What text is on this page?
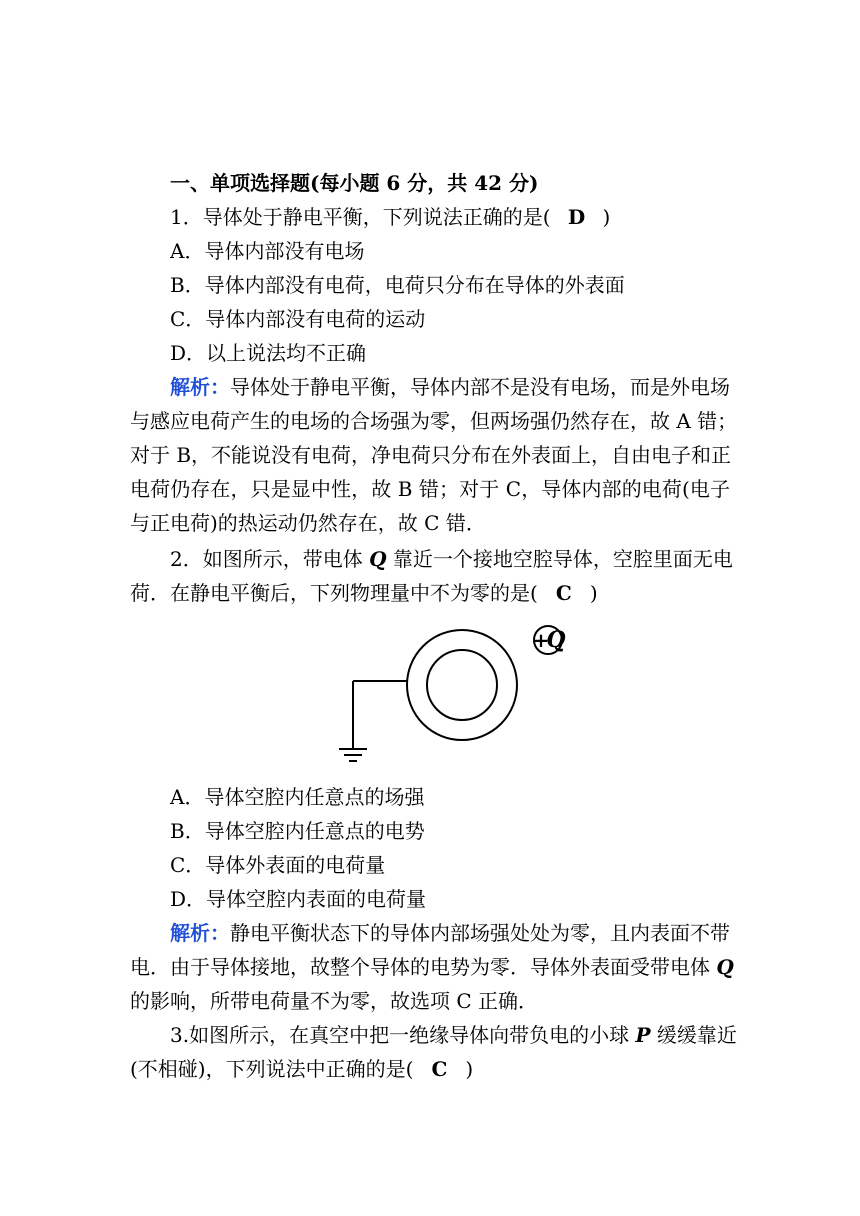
一、单项选择题(每小题 6 分，共 42 分)
1．导体处于静电平衡，下列说法正确的是( D )
A．导体内部没有电场
B．导体内部没有电荷，电荷只分布在导体的外表面
C．导体内部没有电荷的运动
D．以上说法均不正确
解析：导体处于静电平衡，导体内部不是没有电场，而是外电场
与感应电荷产生的电场的合场强为零，但两场强仍然存在，故 A 错；
对于 B，不能说没有电荷，净电荷只分布在外表面上，自由电子和正
电荷仍存在，只是显中性，故 B 错；对于 C，导体内部的电荷(电子
与正电荷)的热运动仍然存在，故 C 错．
2．如图所示，带电体 Q 靠近一个接地空腔导体，空腔里面无电
荷．在静电平衡后，下列物理量中不为零的是( C )
+
Q
A．导体空腔内任意点的场强
B．导体空腔内任意点的电势
C．导体外表面的电荷量
D．导体空腔内表面的电荷量
解析：静电平衡状态下的导体内部场强处处为零，且内表面不带
电．由于导体接地，故整个导体的电势为零．导体外表面受带电体 Q
的影响，所带电荷量不为零，故选项 C 正确．
3.如图所示，在真空中把一绝缘导体向带负电的小球 P 缓缓靠近
(不相碰)，下列说法中正确的是( C )
